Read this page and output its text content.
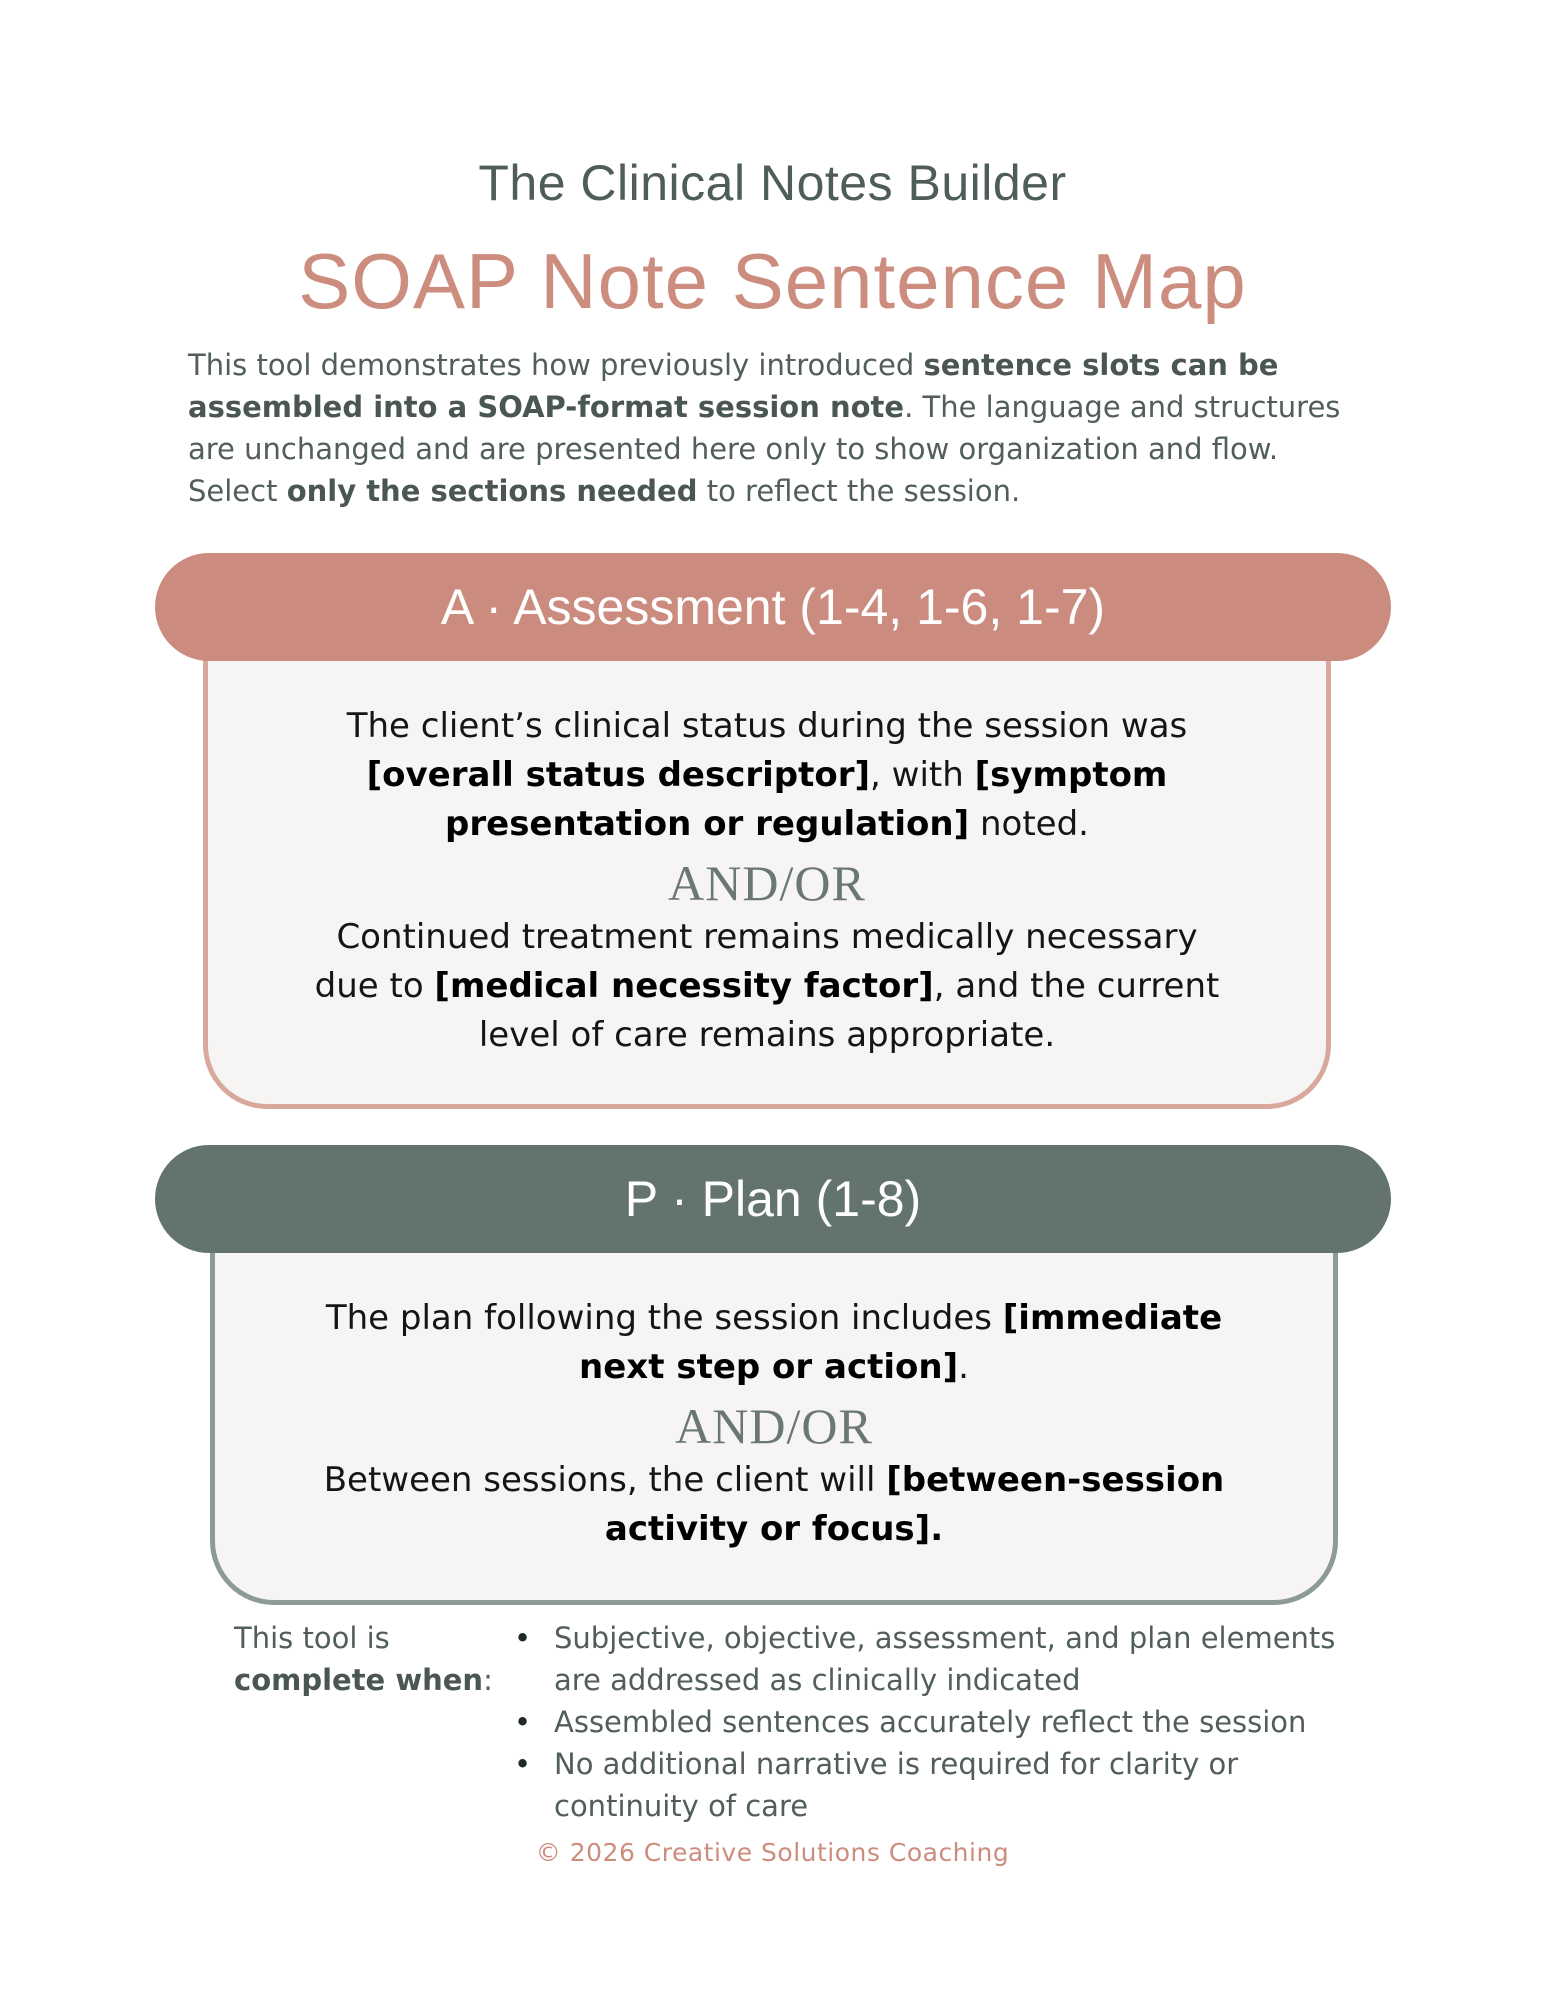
The Clinical Notes Builder
SOAP Note Sentence Map
This tool demonstrates how previously introduced sentence slots can be assembled into a SOAP-format session note. The language and structures are unchanged and are presented here only to show organization and flow. Select only the sections needed to reflect the session.
A · Assessment (1-4, 1-6, 1-7)
The client’s clinical status during the session was [overall status descriptor], with [symptom presentation or regulation] noted.
AND/OR
Continued treatment remains medically necessary due to [medical necessity factor], and the current level of care remains appropriate.
P · Plan (1-8)
The plan following the session includes [immediate next step or action].
AND/OR
Between sessions, the client will [between-session activity or focus].
This tool is complete when:
• Subjective, objective, assessment, and plan elements are addressed as clinically indicated
• Assembled sentences accurately reflect the session
• No additional narrative is required for clarity or continuity of care
© 2026 Creative Solutions Coaching
